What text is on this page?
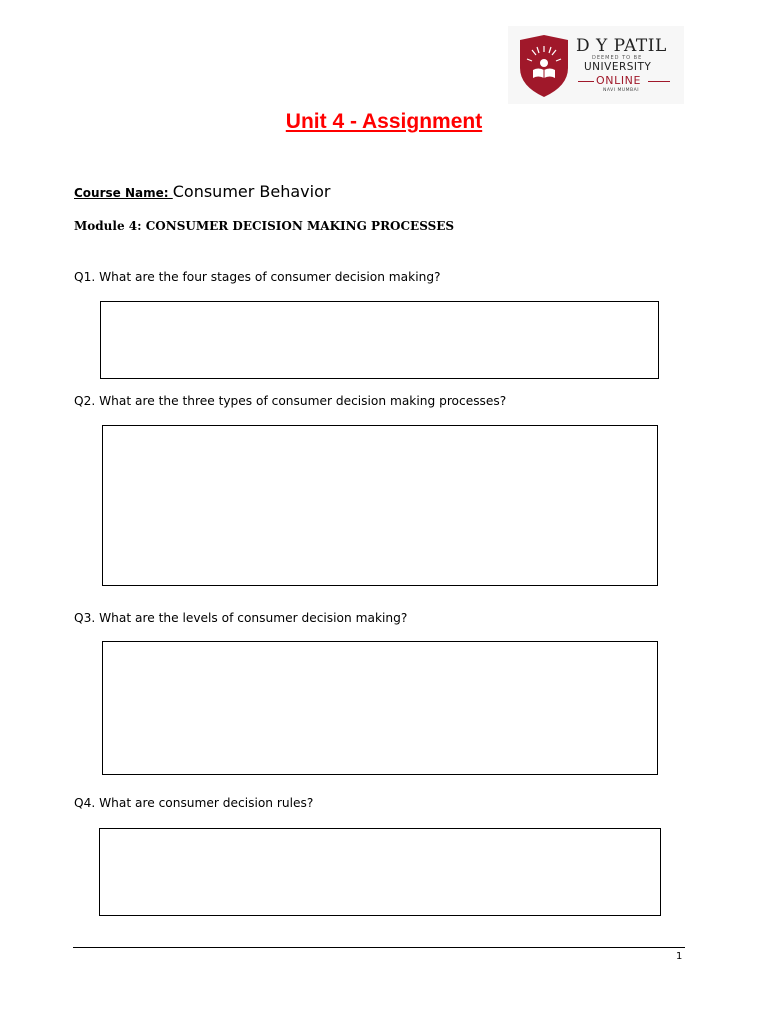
D Y PATIL
DEEMED TO BE
UNIVERSITY
ONLINE
NAVI MUMBAI
Unit 4 - Assignment
Course Name: Consumer Behavior
Module 4: CONSUMER DECISION MAKING PROCESSES
Q1. What are the four stages of consumer decision making?
Q2. What are the three types of consumer decision making processes?
Q3. What are the levels of consumer decision making?
Q4. What are consumer decision rules?
1
